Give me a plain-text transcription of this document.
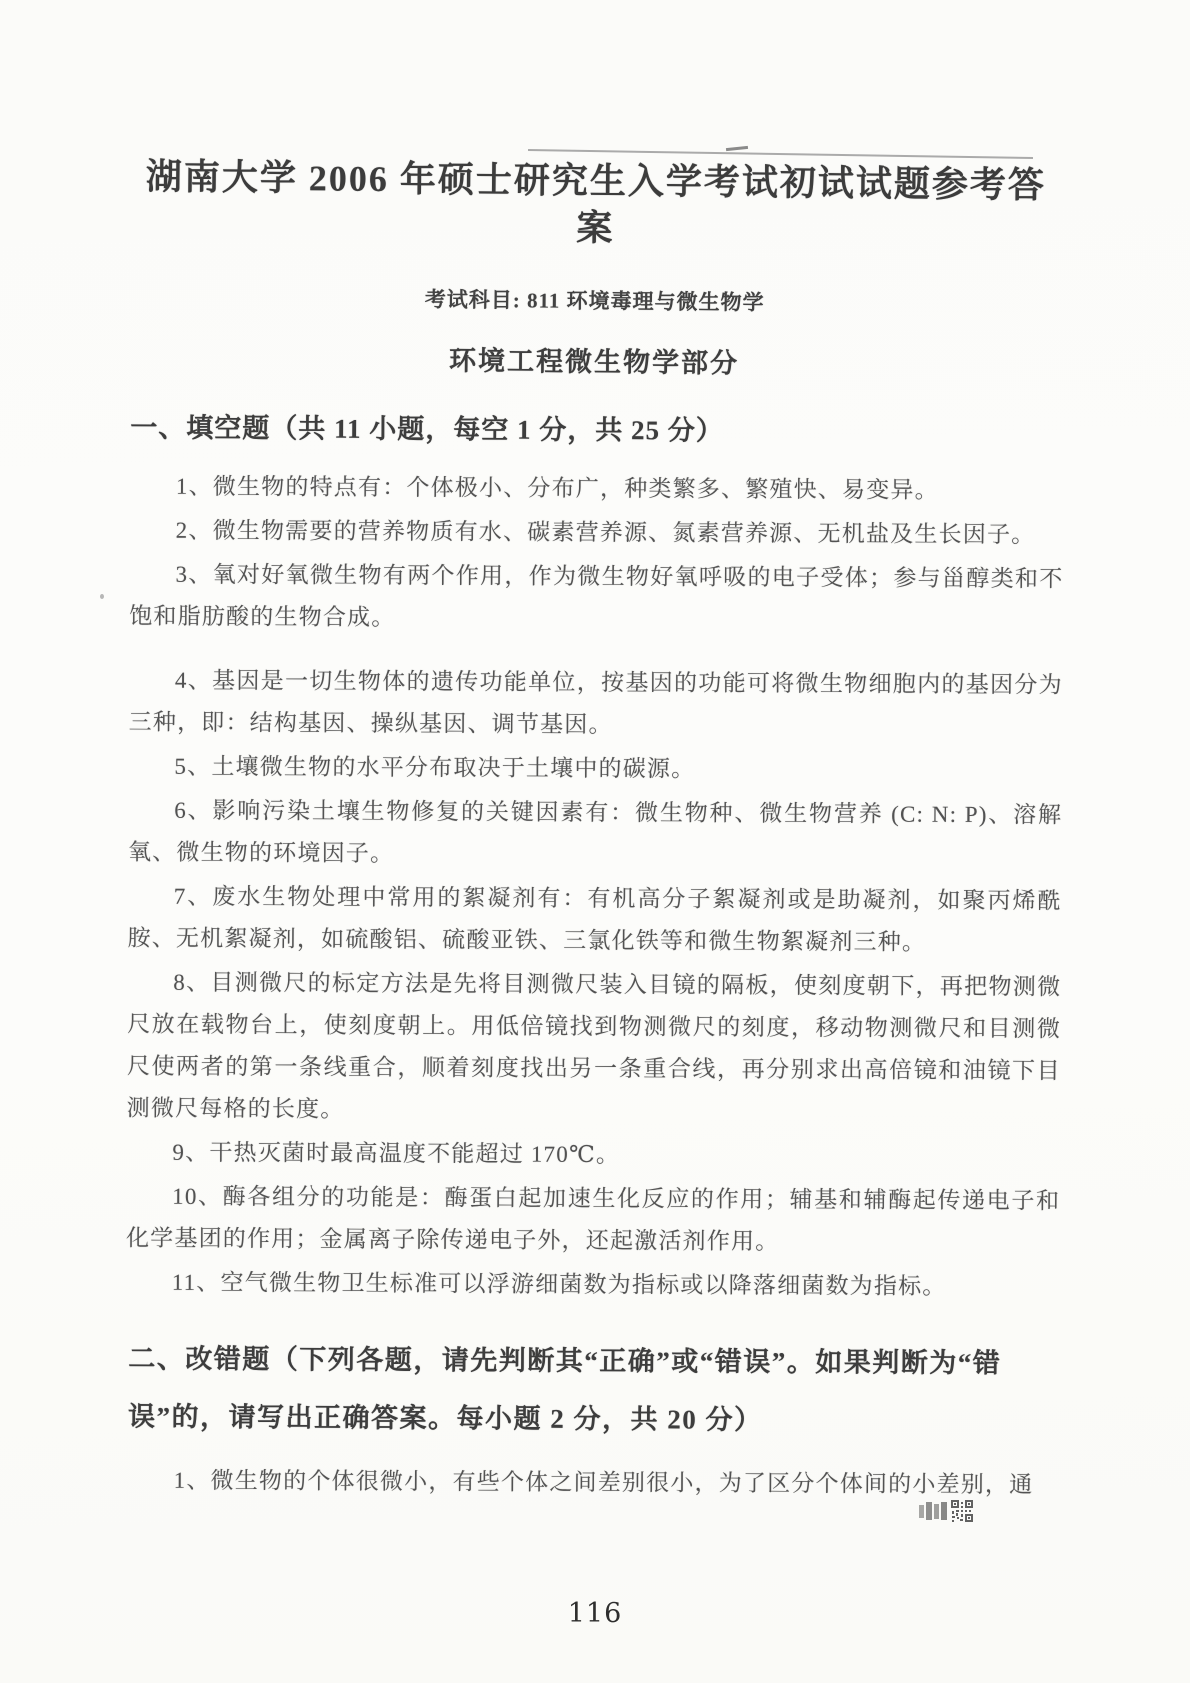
湖南大学 2006 年硕士研究生入学考试初试试题参考答案
考试科目: 811 环境毒理与微生物学
环境工程微生物学部分
一、填空题（共 11 小题，每空 1 分，共 25 分）

1、微生物的特点有：个体极小、分布广，种类繁多、繁殖快、易变异。

2、微生物需要的营养物质有水、碳素营养源、氮素营养源、无机盐及生长因子。

3、氧对好氧微生物有两个作用，作为微生物好氧呼吸的电子受体；参与甾醇类和不饱和脂肪酸的生物合成。

4、基因是一切生物体的遗传功能单位，按基因的功能可将微生物细胞内的基因分为三种，即：结构基因、操纵基因、调节基因。

5、土壤微生物的水平分布取决于土壤中的碳源。

6、影响污染土壤生物修复的关键因素有：微生物种、微生物营养 (C: N: P)、溶解氧、微生物的环境因子。

7、废水生物处理中常用的絮凝剂有：有机高分子絮凝剂或是助凝剂，如聚丙烯酰胺、无机絮凝剂，如硫酸铝、硫酸亚铁、三氯化铁等和微生物絮凝剂三种。

8、目测微尺的标定方法是先将目测微尺装入目镜的隔板，使刻度朝下，再把物测微尺放在载物台上，使刻度朝上。用低倍镜找到物测微尺的刻度，移动物测微尺和目测微尺使两者的第一条线重合，顺着刻度找出另一条重合线，再分别求出高倍镜和油镜下目测微尺每格的长度。

9、干热灭菌时最高温度不能超过 170℃。

10、酶各组分的功能是：酶蛋白起加速生化反应的作用；辅基和辅酶起传递电子和化学基团的作用；金属离子除传递电子外，还起激活剂作用。

11、空气微生物卫生标准可以浮游细菌数为指标或以降落细菌数为指标。

二、改错题（下列各题，请先判断其“正确”或“错误”。如果判断为“错误”的，请写出正确答案。每小题 2 分，共 20 分）

1、微生物的个体很微小，有些个体之间差别很小，为了区分个体间的小差别，通

116
